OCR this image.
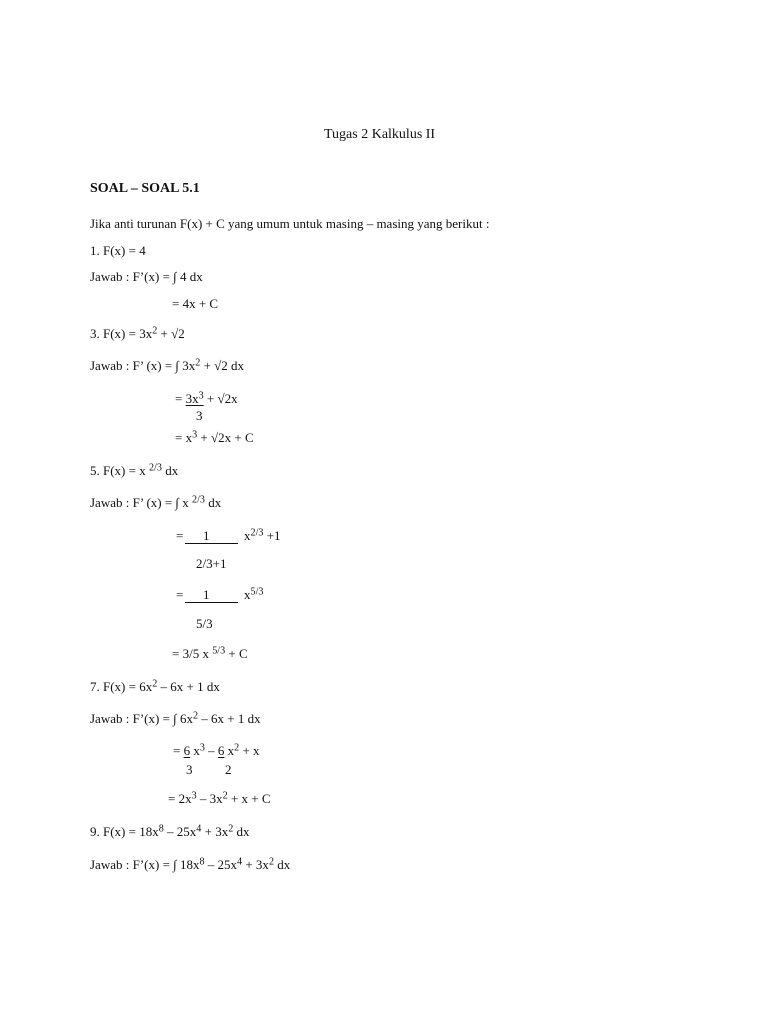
Tugas 2 Kalkulus II
SOAL – SOAL 5.1
Jika anti turunan F(x) + C yang umum untuk masing – masing yang berikut :
1. F(x) = 4
Jawab : F’(x) = ∫ 4 dx
= 4x + C
3. $F(x) = 3x^2 + √2$
Jawab : F’ (x) = ∫ $3x^2 + √2$ dx
= $3x^3 + √2x$
3
= $x^3 + √2x + C$
5. F(x) = x $^{2/3}$ dx
Jawab : F’ (x) = ∫ x $^{2/3}$ dx
= 1	$x^{2/3} +1$
2/3+1
= 1	$x^{5/3}$
5/3
= 3/5 x $^{5/3}$ + C
7. $F(x) = 6x^2 - 6x + 1$ dx
Jawab : F’(x) = ∫ $6x^2 - 6x + 1$ dx
= 6 $x^3 - 6$ $x^2 + x$
3	2
= $2x^3 - 3x^2 + x + C$
9. $F(x) = 18x^8 - 25x^4 + 3x^2$ dx
Jawab : F’(x) = ∫ $18x^8 - 25x^4 + 3x^2$ dx
